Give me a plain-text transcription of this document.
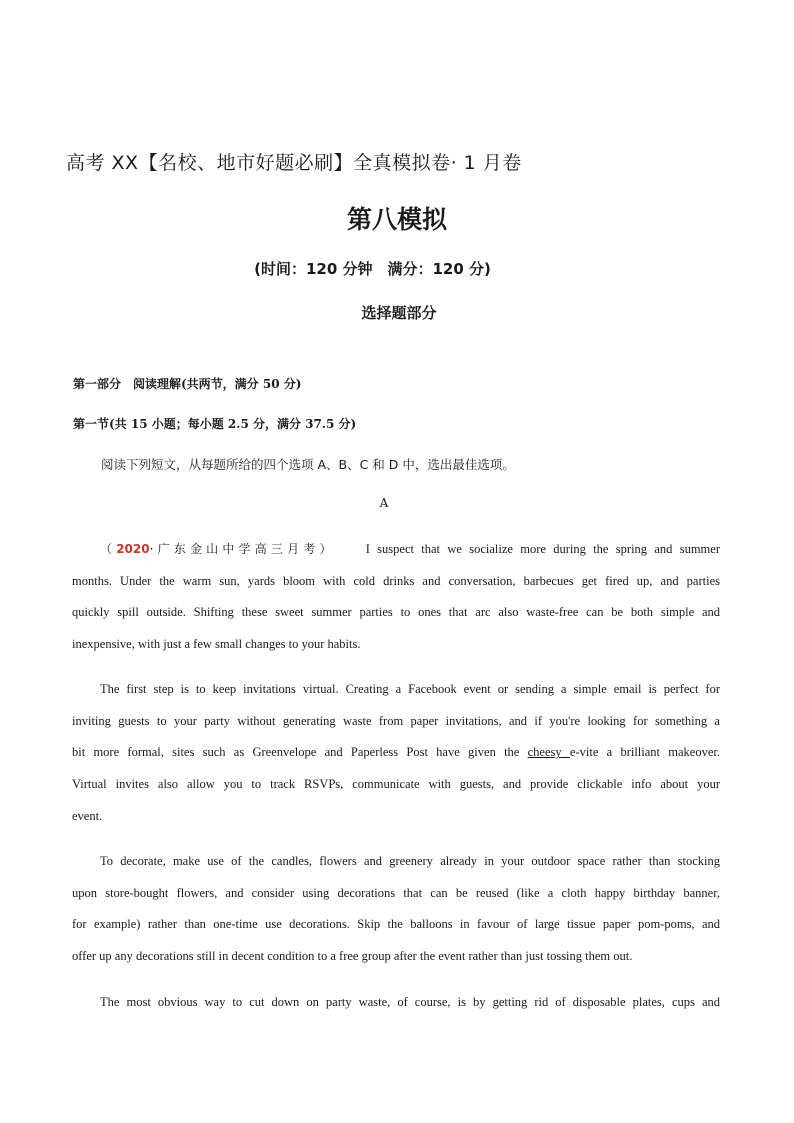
高考 XX【名校、地市好题必刷】全真模拟卷· 1 月卷
第八模拟
(时间：120 分钟　满分：120 分)
选择题部分
第一部分　阅读理解(共两节，满分 50 分)
第一节(共 15 小题；每小题 2.5 分，满分 37.5 分)
阅读下列短文，从每题所给的四个选项 A、B、C 和 D 中，选出最佳选项。
A
（2020·广东金山中学高三月考） I suspect that we socialize more during the spring and summer
months. Under the warm sun, yards bloom with cold drinks and conversation, barbecues get fired up, and parties
quickly spill outside. Shifting these sweet summer parties to ones that arc also waste-free can be both simple and
inexpensive, with just a few small changes to your habits.
The first step is to keep invitations virtual. Creating a Facebook event or sending a simple email is perfect for
inviting guests to your party without generating waste from paper invitations, and if you're looking for something a
bit more formal, sites such as Greenvelope and Paperless Post have given the cheesy e-vite a brilliant makeover.
Virtual invites also allow you to track RSVPs, communicate with guests, and provide clickable info about your
event.
To decorate, make use of the candles, flowers and greenery already in your outdoor space rather than stocking
upon store-bought flowers, and consider using decorations that can be reused (like a cloth happy birthday banner,
for example) rather than one-time use decorations. Skip the balloons in favour of large tissue paper pom-poms, and
offer up any decorations still in decent condition to a free group after the event rather than just tossing them out.
The most obvious way to cut down on party waste, of course, is by getting rid of disposable plates, cups and
